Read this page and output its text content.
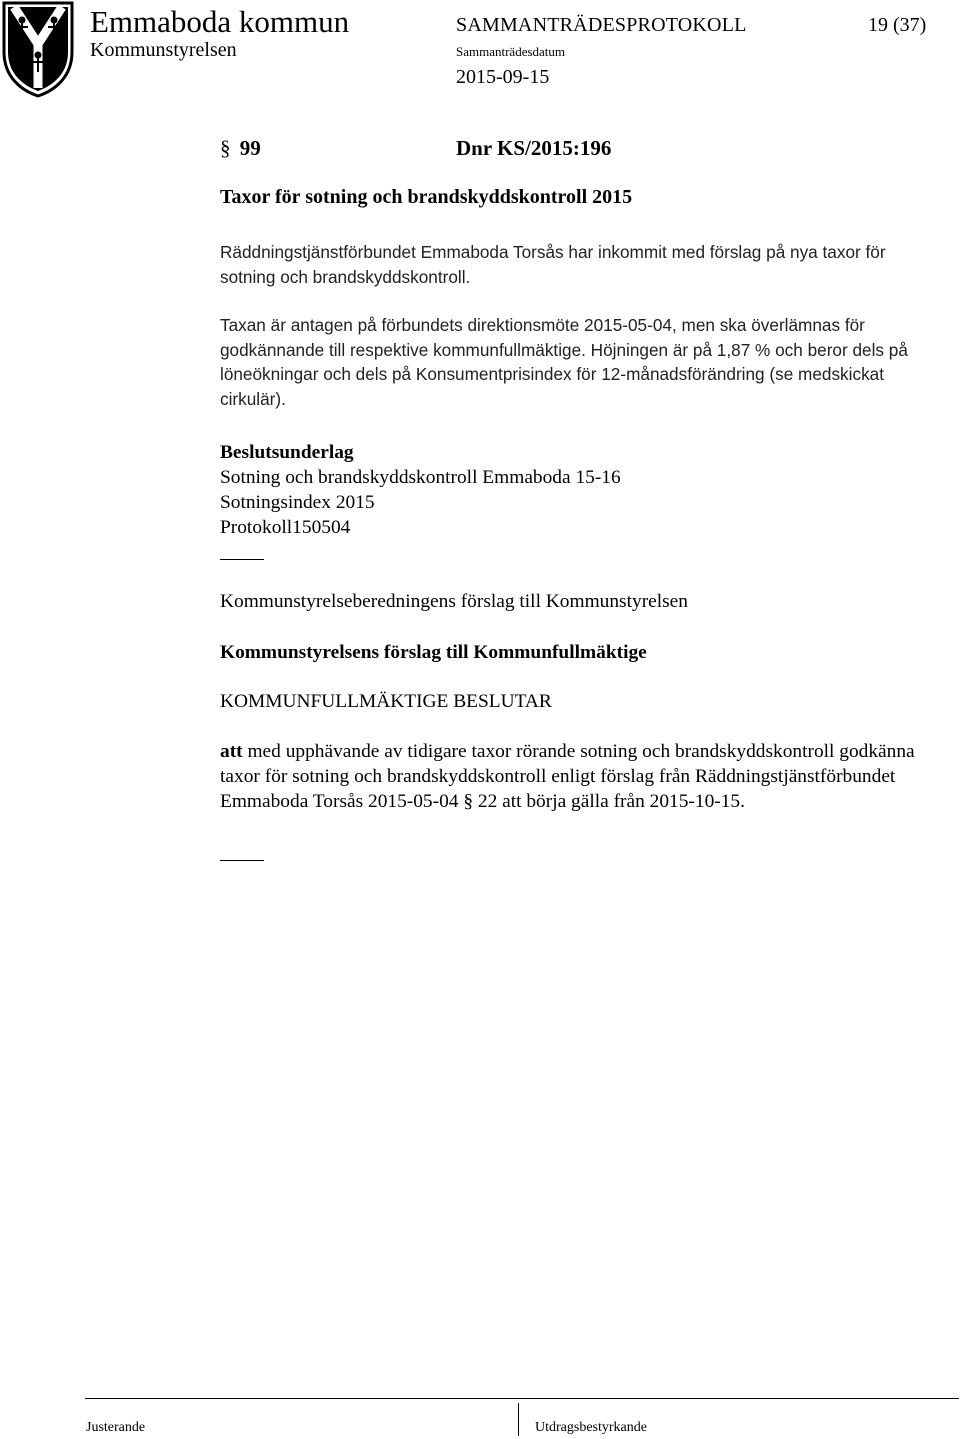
Emmaboda kommun
Kommunstyrelsen
SAMMANTRÄDESPROTOKOLL	19 (37)
Sammanträdesdatum
2015-09-15
§ 99	Dnr KS/2015:196
Taxor för sotning och brandskyddskontroll 2015
Räddningstjänstförbundet Emmaboda Torsås har inkommit med förslag på nya taxor för sotning och brandskyddskontroll.
Taxan är antagen på förbundets direktionsmöte 2015-05-04, men ska överlämnas för godkännande till respektive kommunfullmäktige. Höjningen är på 1,87 % och beror dels på löneökningar och dels på Konsumentprisindex för 12-månadsförändring (se medskickat cirkulär).
Beslutsunderlag
Sotning och brandskyddskontroll Emmaboda 15-16
Sotningsindex 2015
Protokoll150504
Kommunstyrelseberedningens förslag till Kommunstyrelsen
Kommunstyrelsens förslag till Kommunfullmäktige
KOMMUNFULLMÄKTIGE BESLUTAR
att med upphävande av tidigare taxor rörande sotning och brandskyddskontroll godkänna taxor för sotning och brandskyddskontroll enligt förslag från Räddningstjänstförbundet Emmaboda Torsås 2015-05-04 § 22 att börja gälla från 2015-10-15.
Justerande	Utdragsbestyrkande
